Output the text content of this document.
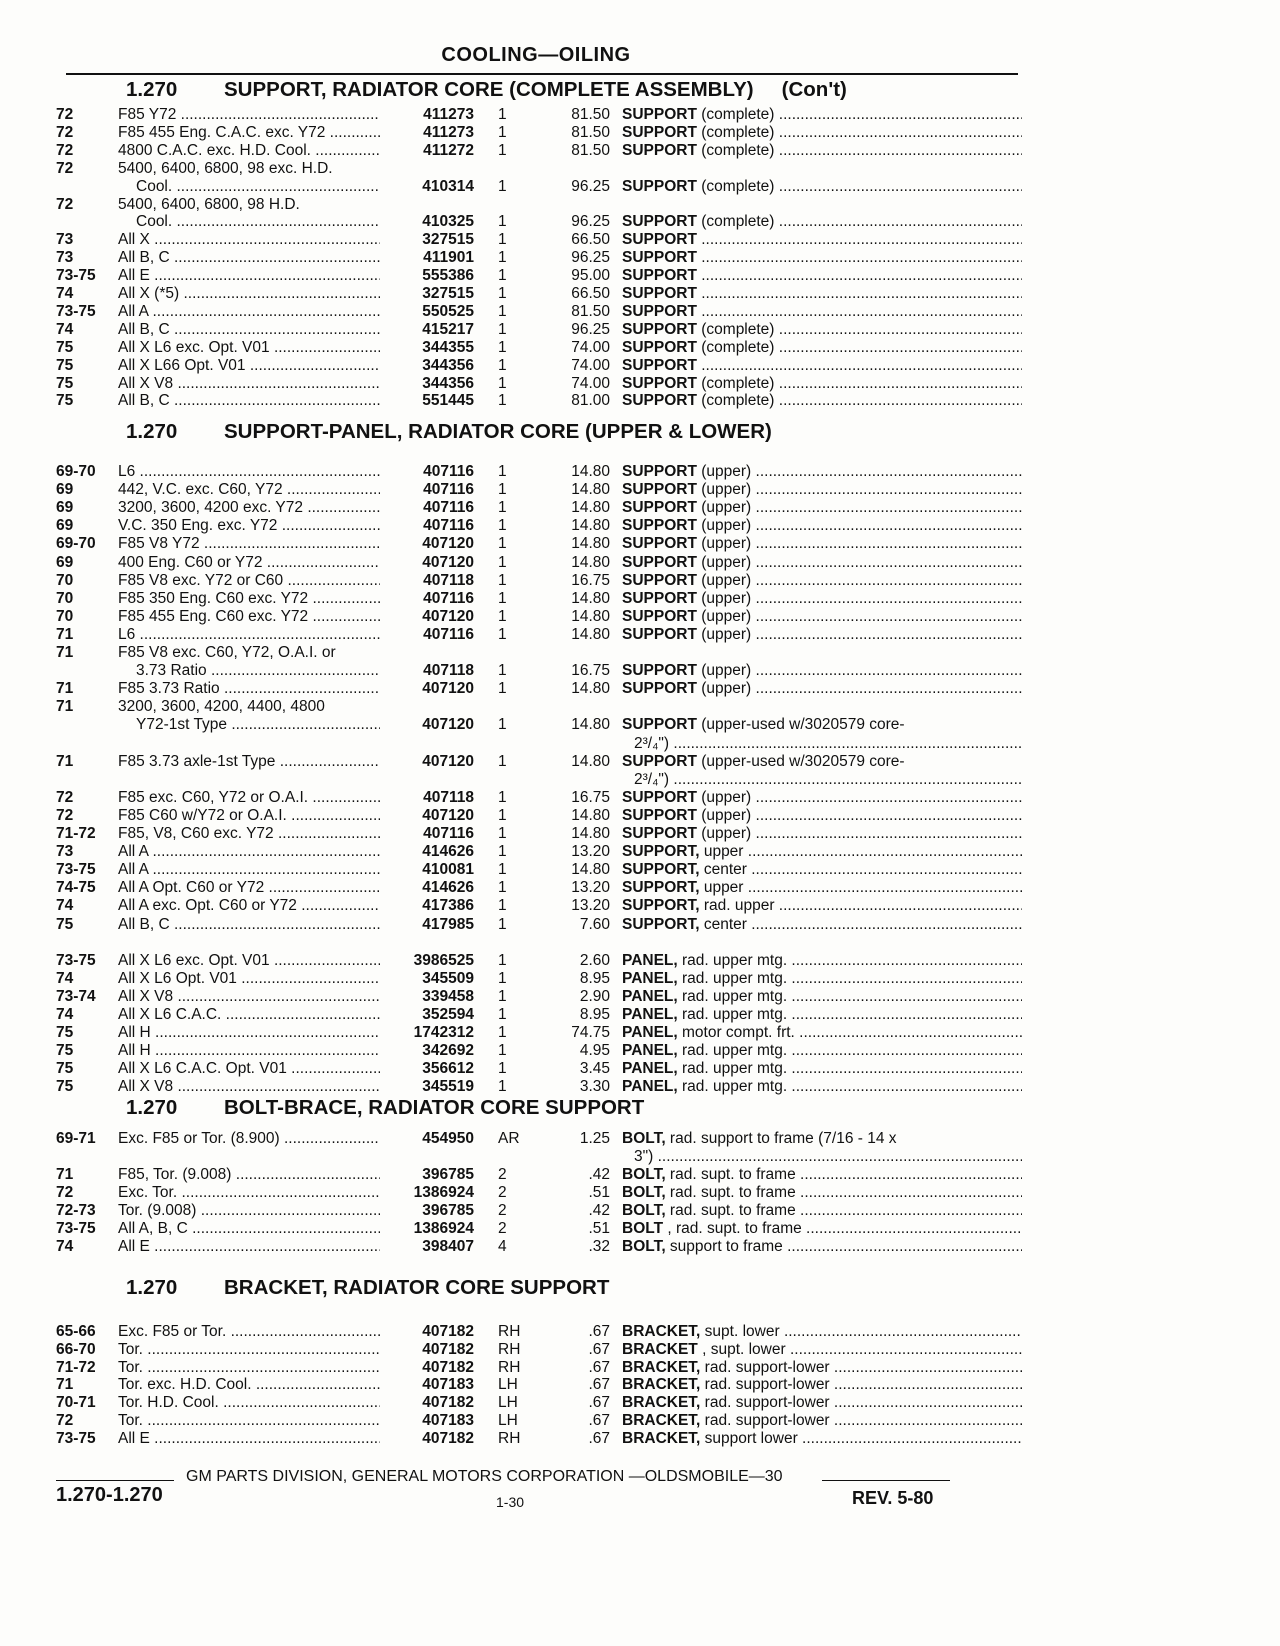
COOLING—OILING
1.270 SUPPORT, RADIATOR CORE (COMPLETE ASSEMBLY) (Con't)
72	F85 Y72 .....	411273 1	81.50 SUPPORT (complete) .....
72	F85 455 Eng. C.A.C. exc. Y72 .....	411273 1	81.50 SUPPORT (complete) .....
72	4800 C.A.C. exc. H.D. Cool. .....	411272 1	81.50 SUPPORT (complete) .....
72	5400, 6400, 6800, 98 exc. H.D.
Cool. .....	410314 1	96.25 SUPPORT (complete) .....
72	5400, 6400, 6800, 98 H.D.
Cool. .....	410325 1	96.25 SUPPORT (complete) .....
73	All X .....	327515 1	66.50 SUPPORT .....
73	All B, C .....	411901 1	96.25 SUPPORT .....
73-75 All E .....	555386 1	95.00 SUPPORT .....
74	All X (*5) .....	327515 1	66.50 SUPPORT .....
73-75 All A .....	550525 1	81.50 SUPPORT .....
74	All B, C .....	415217 1	96.25 SUPPORT (complete) .....
75	All X L6 exc. Opt. V01 .....	344355 1	74.00 SUPPORT (complete) .....
75	All X L66 Opt. V01 .....	344356 1	74.00 SUPPORT .....
75	All X V8 .....	344356 1	74.00 SUPPORT (complete) .....
75	All B, C .....	551445 1	81.00 SUPPORT (complete) .....
1.270 SUPPORT-PANEL, RADIATOR CORE (UPPER & LOWER)
69-70 L6 .....	407116 1	14.80 SUPPORT (upper) .....
69	442, V.C. exc. C60, Y72 .....	407116 1	14.80 SUPPORT (upper) .....
69	3200, 3600, 4200 exc. Y72 .....	407116 1	14.80 SUPPORT (upper) .....
69	V.C. 350 Eng. exc. Y72 .....	407116 1	14.80 SUPPORT (upper) .....
69-70 F85 V8 Y72 .....	407120 1	14.80 SUPPORT (upper) .....
69	400 Eng. C60 or Y72 .....	407120 1	14.80 SUPPORT (upper) .....
70	F85 V8 exc. Y72 or C60 .....	407118 1	16.75 SUPPORT (upper) .....
70	F85 350 Eng. C60 exc. Y72 .....	407116 1	14.80 SUPPORT (upper) .....
70	F85 455 Eng. C60 exc. Y72 .....	407120 1	14.80 SUPPORT (upper) .....
71	L6 .....	407116 1	14.80 SUPPORT (upper) .....
71	F85 V8 exc. C60, Y72, O.A.I. or
3.73 Ratio .....	407118 1	16.75 SUPPORT (upper) .....
71	F85 3.73 Ratio .....	407120 1	14.80 SUPPORT (upper) .....
71	3200, 3600, 4200, 4400, 4800
Y72-1st Type .....	407120 1	14.80 SUPPORT (upper-used w/3020579 core-
2³/₄") .....
71	F85 3.73 axle-1st Type .....	407120 1	14.80 SUPPORT (upper-used w/3020579 core-
2³/₄") .....
72	F85 exc. C60, Y72 or O.A.I. .....	407118 1	16.75 SUPPORT (upper) .....
72	F85 C60 w/Y72 or O.A.I. .....	407120 1	14.80 SUPPORT (upper) .....
71-72 F85, V8, C60 exc. Y72 .....	407116 1	14.80 SUPPORT (upper) .....
73	All A .....	414626 1	13.20 SUPPORT, upper .....
73-75 All A .....	410081 1	14.80 SUPPORT, center .....
74-75 All A Opt. C60 or Y72 .....	414626 1	13.20 SUPPORT, upper .....
74	All A exc. Opt. C60 or Y72 .....	417386 1	13.20 SUPPORT, rad. upper .....
75	All B, C .....	417985 1	7.60 SUPPORT, center .....
73-75 All X L6 exc. Opt. V01 .....	3986525 1	2.60 PANEL, rad. upper mtg. .....
74	All X L6 Opt. V01 .....	345509 1	8.95 PANEL, rad. upper mtg. .....
73-74 All X V8 .....	339458 1	2.90 PANEL, rad. upper mtg. .....
74	All X L6 C.A.C. .....	352594 1	8.95 PANEL, rad. upper mtg. .....
75	All H .....	1742312 1	74.75 PANEL, motor compt. frt. .....
75	All H .....	342692 1	4.95 PANEL, rad. upper mtg. .....
75	All X L6 C.A.C. Opt. V01 .....	356612 1	3.45 PANEL, rad. upper mtg. .....
75	All X V8 .....	345519 1	3.30 PANEL, rad. upper mtg. .....
1.270 BOLT-BRACE, RADIATOR CORE SUPPORT
69-71 Exc. F85 or Tor. (8.900) .....	454950 AR	1.25 BOLT, rad. support to frame (7/16 - 14 x
3") .....
71	F85, Tor. (9.008) .....	396785 2	.42 BOLT, rad. supt. to frame .....
72	Exc. Tor. .....	1386924 2	.51 BOLT, rad. supt. to frame .....
72-73 Tor. (9.008) .....	396785 2	.42 BOLT, rad. supt. to frame .....
73-75 All A, B, C .....	1386924 2	.51 BOLT , rad. supt. to frame .....
74	All E .....	398407 4	.32 BOLT, support to frame .....
1.270 BRACKET, RADIATOR CORE SUPPORT
65-66 Exc. F85 or Tor. .....	407182 RH	.67 BRACKET, supt. lower .....
66-70 Tor. .....	407182 RH	.67 BRACKET , supt. lower .....
71-72 Tor. .....	407182 RH	.67 BRACKET, rad. support-lower .....
71	Tor. exc. H.D. Cool. .....	407183 LH	.67 BRACKET, rad. support-lower .....
70-71 Tor. H.D. Cool. .....	407182 LH	.67 BRACKET, rad. support-lower .....
72	Tor. .....	407183 LH	.67 BRACKET, rad. support-lower .....
73-75 All E .....	407182 RH	.67 BRACKET, support lower .....
GM PARTS DIVISION, GENERAL MOTORS CORPORATION —OLDSMOBILE—30
1.270-1.270	1-30	REV. 5-80
